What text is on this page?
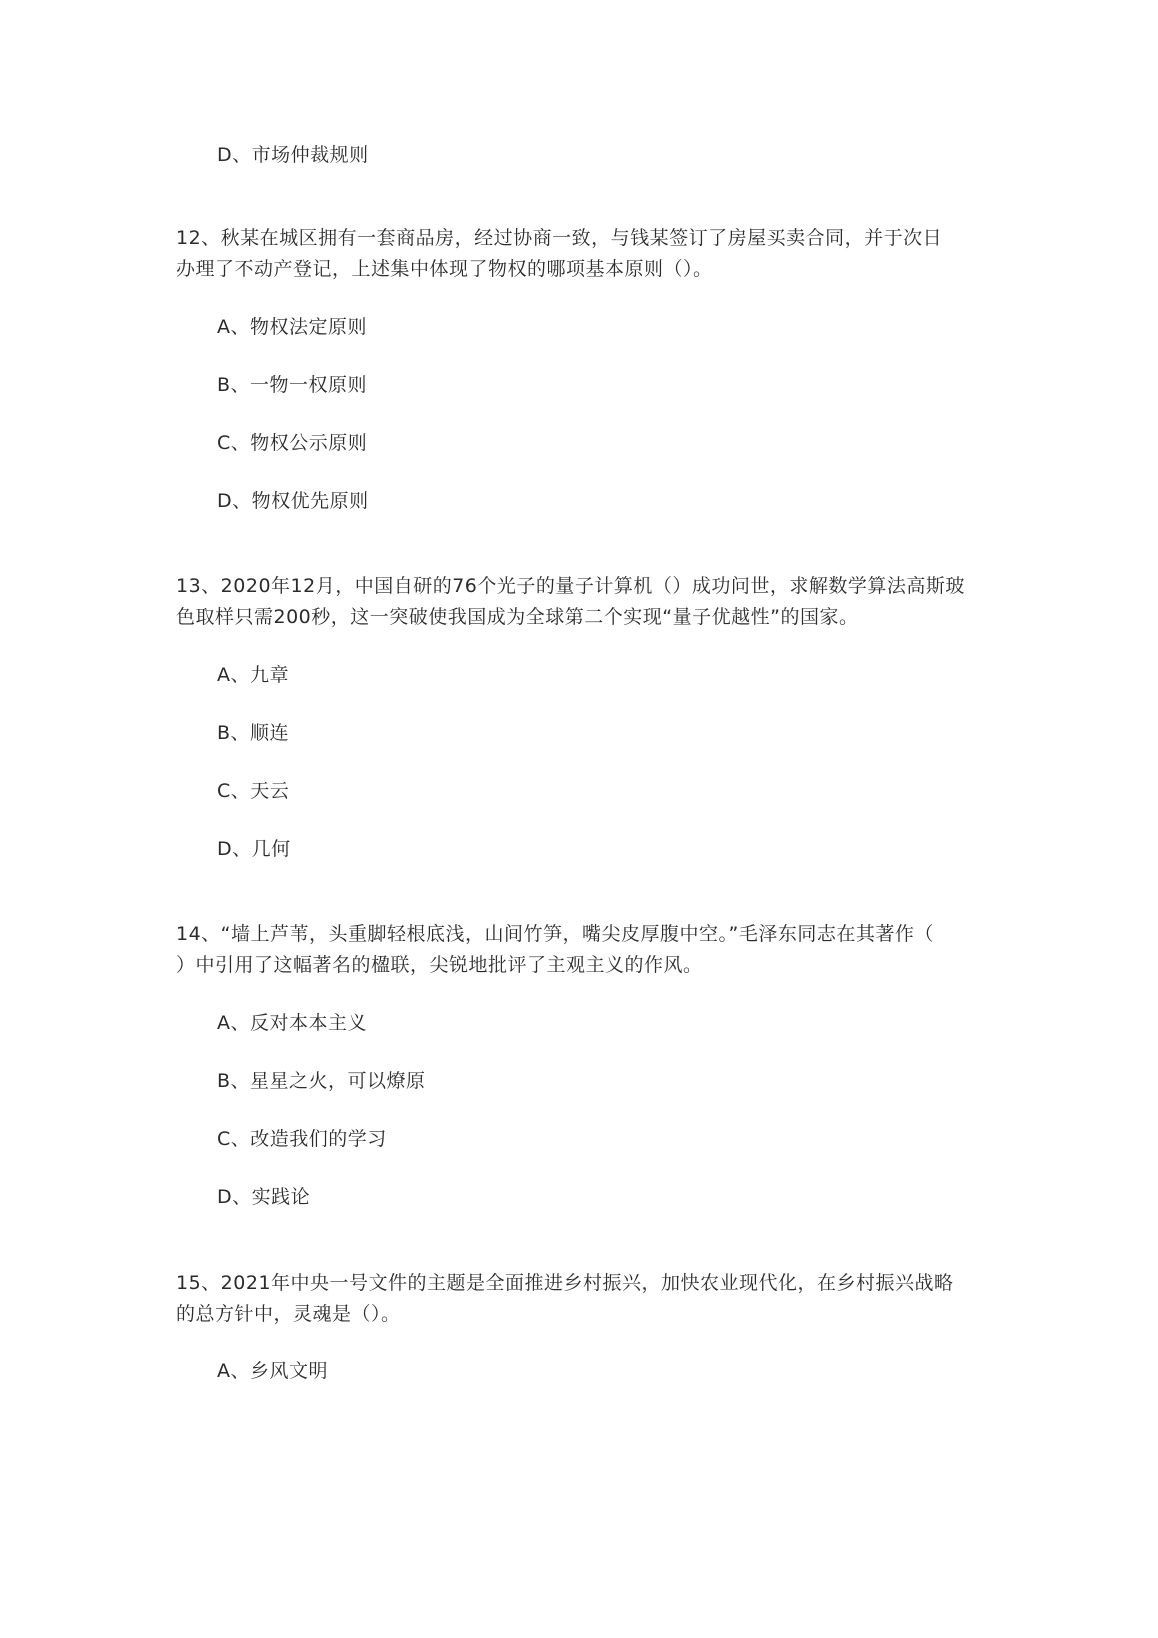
D、市场仲裁规则
12、秋某在城区拥有一套商品房，经过协商一致，与钱某签订了房屋买卖合同，并于次日
办理了不动产登记，上述集中体现了物权的哪项基本原则（）。
A、物权法定原则
B、一物一权原则
C、物权公示原则
D、物权优先原则
13、2020年12月，中国自研的76个光子的量子计算机（）成功问世，求解数学算法高斯玻
色取样只需200秒，这一突破使我国成为全球第二个实现“量子优越性”的国家。
A、九章
B、顺连
C、天云
D、几何
14、“墙上芦苇，头重脚轻根底浅，山间竹笋，嘴尖皮厚腹中空。”毛泽东同志在其著作（
）中引用了这幅著名的楹联，尖锐地批评了主观主义的作风。
A、反对本本主义
B、星星之火，可以燎原
C、改造我们的学习
D、实践论
15、2021年中央一号文件的主题是全面推进乡村振兴，加快农业现代化，在乡村振兴战略
的总方针中，灵魂是（）。
A、乡风文明
